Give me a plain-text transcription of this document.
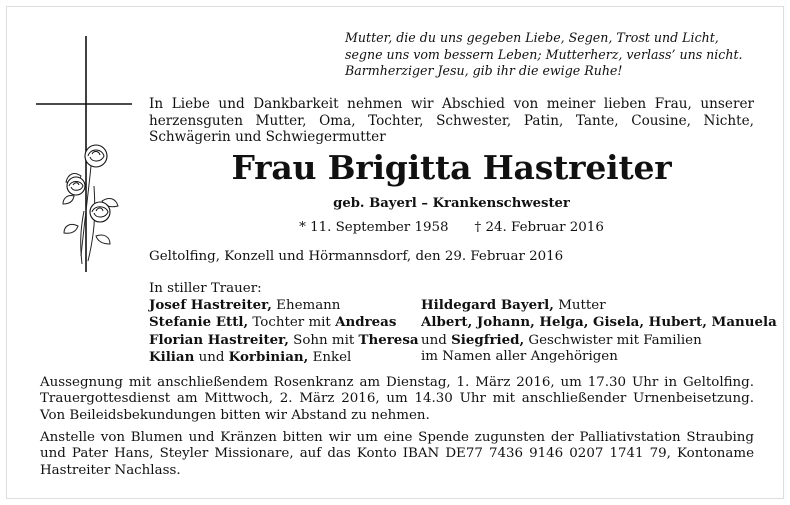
Mutter, die du uns gegeben Liebe, Segen, Trost und Licht,
segne uns vom bessern Leben; Mutterherz, verlass’ uns nicht.
Barmherziger Jesu, gib ihr die ewige Ruhe!
In Liebe und Dankbarkeit nehmen wir Abschied von meiner lieben Frau, unserer herzensguten Mutter, Oma, Tochter, Schwester, Patin, Tante, Cousine, Nichte, Schwägerin und Schwiegermutter
Frau Brigitta Hastreiter
geb. Bayerl – Krankenschwester
* 11. September 1958 † 24. Februar 2016
Geltolfing, Konzell und Hörmannsdorf, den 29. Februar 2016
In stiller Trauer:
Josef Hastreiter, Ehemann
Stefanie Ettl, Tochter mit Andreas
Florian Hastreiter, Sohn mit Theresa
Kilian und Korbinian, Enkel
Hildegard Bayerl, Mutter
Albert, Johann, Helga, Gisela, Hubert, Manuela
und Siegfried, Geschwister mit Familien
im Namen aller Angehörigen
Aussegnung mit anschließendem Rosenkranz am Dienstag, 1. März 2016, um 17.30 Uhr in Geltolfing. Trauergottesdienst am Mittwoch, 2. März 2016, um 14.30 Uhr mit anschließender Urnenbeisetzung. Von Beileidsbekundungen bitten wir Abstand zu nehmen.
Anstelle von Blumen und Kränzen bitten wir um eine Spende zugunsten der Palliativstation Straubing und Pater Hans, Steyler Missionare, auf das Konto IBAN DE77 7436 9146 0207 1741 79, Kontoname Hastreiter Nachlass.
